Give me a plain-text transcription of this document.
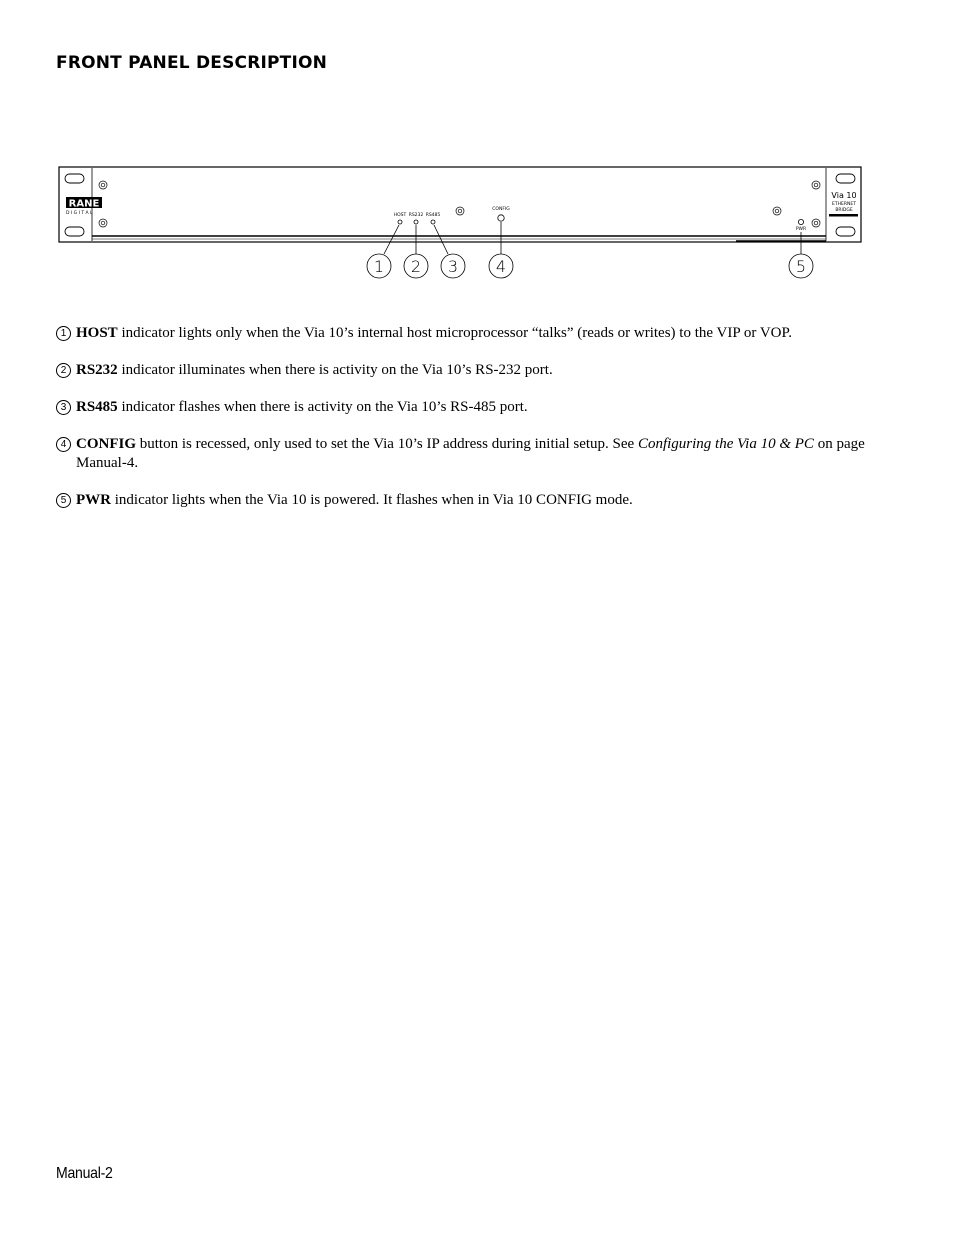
FRONT PANEL DESCRIPTION
RANE
D I G I T A L
Via 10
ETHERNET
BRIDGE
HOST RS232 RS485
CONFIG
PWR
1 2 3 4	5

1 HOST indicator lights only when the Via 10’s internal host microprocessor “talks” (reads or writes) to the VIP or VOP.

2 RS232 indicator illuminates when there is activity on the Via 10’s RS-232 port.

3 RS485 indicator flashes when there is activity on the Via 10’s RS-485 port.

4 CONFIG button is recessed, only used to set the Via 10’s IP address during initial setup. See Configuring the Via 10 & PC on page Manual-4.

5 PWR indicator lights when the Via 10 is powered. It flashes when in Via 10 CONFIG mode.

Manual-2
